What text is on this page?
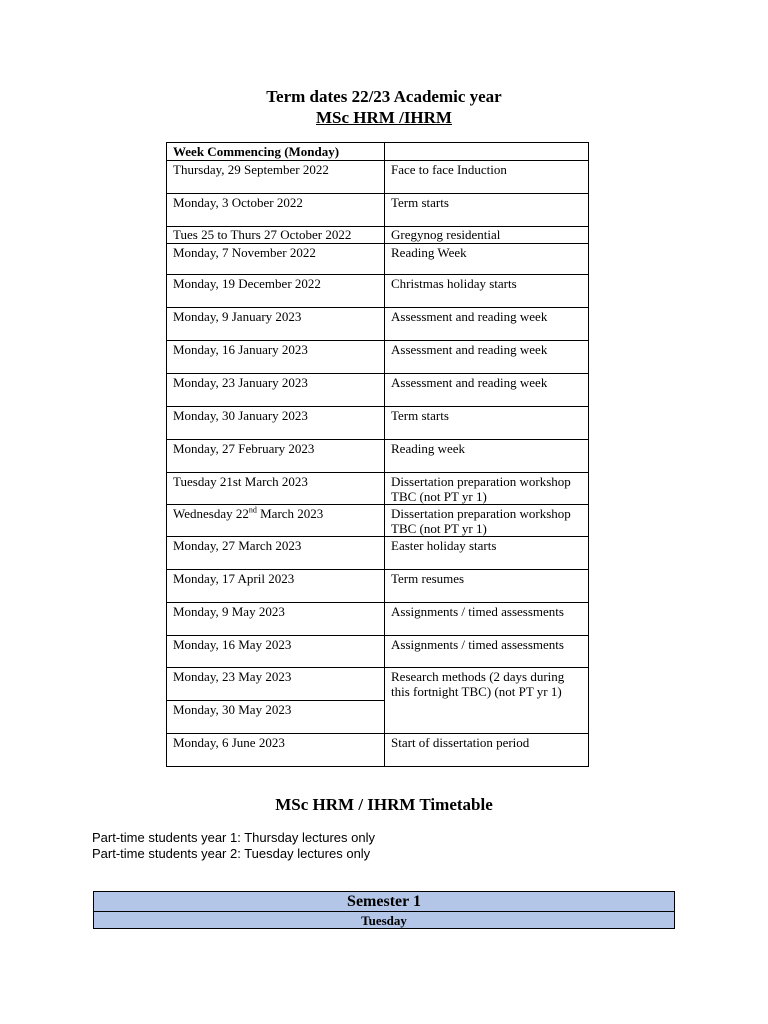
Term dates 22/23 Academic year
MSc HRM /IHRM
Week Commencing (Monday)	
Thursday, 29 September 2022	Face to face Induction
Monday, 3 October 2022	Term starts
Tues 25 to Thurs 27 October 2022	Gregynog residential
Monday, 7 November 2022	Reading Week
Monday, 19 December 2022	Christmas holiday starts
Monday, 9 January 2023	Assessment and reading week
Monday, 16 January 2023	Assessment and reading week
Monday, 23 January 2023	Assessment and reading week
Monday, 30 January 2023	Term starts
Monday, 27 February 2023	Reading week
Tuesday 21st March 2023	Dissertation preparation workshop TBC (not PT yr 1)
Wednesday 22nd March 2023	Dissertation preparation workshop TBC (not PT yr 1)
Monday, 27 March 2023	Easter holiday starts
Monday, 17 April 2023	Term resumes
Monday, 9 May 2023	Assignments / timed assessments
Monday, 16 May 2023	Assignments / timed assessments
Monday, 23 May 2023	Research methods (2 days during this fortnight TBC) (not PT yr 1)
Monday, 30 May 2023	
Monday, 6 June 2023	Start of dissertation period
MSc HRM / IHRM Timetable
Part-time students year 1: Thursday lectures only
Part-time students year 2: Tuesday lectures only
Semester 1
Tuesday
